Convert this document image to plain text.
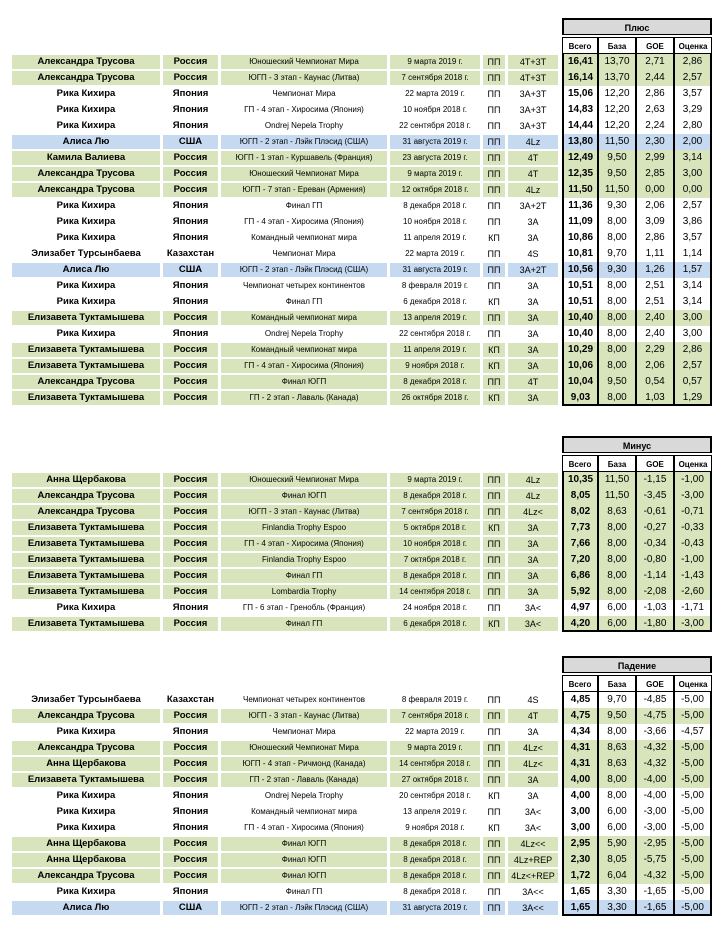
Плюс
Всего	База	GOE	Оценка
Александра Трусова	Россия	Юношеский Чемпионат Мира	9 марта 2019 г.	ПП	4T+3T	16,41	13,70	2,71	2,86
Александра Трусова	Россия	ЮГП - 3 этап - Каунас (Литва)	7 сентября 2018 г.	ПП	4T+3T	16,14	13,70	2,44	2,57
Рика Кихира	Япония	Чемпионат Мира	22 марта 2019 г.	ПП	3A+3T	15,06	12,20	2,86	3,57
Рика Кихира	Япония	ГП - 4 этап - Хиросима (Япония)	10 ноября 2018 г.	ПП	3A+3T	14,83	12,20	2,63	3,29
Рика Кихира	Япония	Ondrej Nepela Trophy	22 сентября 2018 г.	ПП	3A+3T	14,44	12,20	2,24	2,80
Алиса Лю	США	ЮГП - 2 этап - Лэйк Плэсид (США)	31 августа 2019 г.	ПП	4Lz	13,80	11,50	2,30	2,00
Камила Валиева	Россия	ЮГП - 1 этап - Куршавель (Франция)	23 августа 2019 г.	ПП	4T	12,49	9,50	2,99	3,14
Александра Трусова	Россия	Юношеский Чемпионат Мира	9 марта 2019 г.	ПП	4T	12,35	9,50	2,85	3,00
Александра Трусова	Россия	ЮГП - 7 этап - Ереван (Армения)	12 октября 2018 г.	ПП	4Lz	11,50	11,50	0,00	0,00
Рика Кихира	Япония	Финал ГП	8 декабря 2018 г.	ПП	3A+2T	11,36	9,30	2,06	2,57
Рика Кихира	Япония	ГП - 4 этап - Хиросима (Япония)	10 ноября 2018 г.	ПП	3A	11,09	8,00	3,09	3,86
Рика Кихира	Япония	Командный чемпионат мира	11 апреля 2019 г.	КП	3A	10,86	8,00	2,86	3,57
Элизабет Турсынбаева	Казахстан	Чемпионат Мира	22 марта 2019 г.	ПП	4S	10,81	9,70	1,11	1,14
Алиса Лю	США	ЮГП - 2 этап - Лэйк Плэсид (США)	31 августа 2019 г.	ПП	3A+2T	10,56	9,30	1,26	1,57
Рика Кихира	Япония	Чемпионат четырех континентов	8 февраля 2019 г.	ПП	3A	10,51	8,00	2,51	3,14
Рика Кихира	Япония	Финал ГП	6 декабря 2018 г.	КП	3A	10,51	8,00	2,51	3,14
Елизавета Туктамышева	Россия	Командный чемпионат мира	13 апреля 2019 г.	ПП	3A	10,40	8,00	2,40	3,00
Рика Кихира	Япония	Ondrej Nepela Trophy	22 сентября 2018 г.	ПП	3A	10,40	8,00	2,40	3,00
Елизавета Туктамышева	Россия	Командный чемпионат мира	11 апреля 2019 г.	КП	3A	10,29	8,00	2,29	2,86
Елизавета Туктамышева	Россия	ГП - 4 этап - Хиросима (Япония)	9 ноября 2018 г.	КП	3A	10,06	8,00	2,06	2,57
Александра Трусова	Россия	Финал ЮГП	8 декабря 2018 г.	ПП	4T	10,04	9,50	0,54	0,57
Елизавета Туктамышева	Россия	ГП - 2 этап - Лаваль (Канада)	26 октября 2018 г.	КП	3A	9,03	8,00	1,03	1,29
Минус
Всего	База	GOE	Оценка
Анна Щербакова	Россия	Юношеский Чемпионат Мира	9 марта 2019 г.	ПП	4Lz	10,35	11,50	-1,15	-1,00
Александра Трусова	Россия	Финал ЮГП	8 декабря 2018 г.	ПП	4Lz	8,05	11,50	-3,45	-3,00
Александра Трусова	Россия	ЮГП - 3 этап - Каунас (Литва)	7 сентября 2018 г.	ПП	4Lz<	8,02	8,63	-0,61	-0,71
Елизавета Туктамышева	Россия	Finlandia Trophy Espoo	5 октября 2018 г.	КП	3A	7,73	8,00	-0,27	-0,33
Елизавета Туктамышева	Россия	ГП - 4 этап - Хиросима (Япония)	10 ноября 2018 г.	ПП	3A	7,66	8,00	-0,34	-0,43
Елизавета Туктамышева	Россия	Finlandia Trophy Espoo	7 октября 2018 г.	ПП	3A	7,20	8,00	-0,80	-1,00
Елизавета Туктамышева	Россия	Финал ГП	8 декабря 2018 г.	ПП	3A	6,86	8,00	-1,14	-1,43
Елизавета Туктамышева	Россия	Lombardia Trophy	14 сентября 2018 г.	ПП	3A	5,92	8,00	-2,08	-2,60
Рика Кихира	Япония	ГП - 6 этап - Гренобль (Франция)	24 ноября 2018 г.	ПП	3A<	4,97	6,00	-1,03	-1,71
Елизавета Туктамышева	Россия	Финал ГП	6 декабря 2018 г.	КП	3A<	4,20	6,00	-1,80	-3,00
Падение
Всего	База	GOE	Оценка
Элизабет Турсынбаева	Казахстан	Чемпионат четырех континентов	8 февраля 2019 г.	ПП	4S	4,85	9,70	-4,85	-5,00
Александра Трусова	Россия	ЮГП - 3 этап - Каунас (Литва)	7 сентября 2018 г.	ПП	4T	4,75	9,50	-4,75	-5,00
Рика Кихира	Япония	Чемпионат Мира	22 марта 2019 г.	ПП	3A	4,34	8,00	-3,66	-4,57
Александра Трусова	Россия	Юношеский Чемпионат Мира	9 марта 2019 г.	ПП	4Lz<	4,31	8,63	-4,32	-5,00
Анна Щербакова	Россия	ЮГП - 4 этап - Ричмонд (Канада)	14 сентября 2018 г.	ПП	4Lz<	4,31	8,63	-4,32	-5,00
Елизавета Туктамышева	Россия	ГП - 2 этап - Лаваль (Канада)	27 октября 2018 г.	ПП	3A	4,00	8,00	-4,00	-5,00
Рика Кихира	Япония	Ondrej Nepela Trophy	20 сентября 2018 г.	КП	3A	4,00	8,00	-4,00	-5,00
Рика Кихира	Япония	Командный чемпионат мира	13 апреля 2019 г.	ПП	3A<	3,00	6,00	-3,00	-5,00
Рика Кихира	Япония	ГП - 4 этап - Хиросима (Япония)	9 ноября 2018 г.	КП	3A<	3,00	6,00	-3,00	-5,00
Анна Щербакова	Россия	Финал ЮГП	8 декабря 2018 г.	ПП	4Lz<<	2,95	5,90	-2,95	-5,00
Анна Щербакова	Россия	Финал ЮГП	8 декабря 2018 г.	ПП	4Lz+REP	2,30	8,05	-5,75	-5,00
Александра Трусова	Россия	Финал ЮГП	8 декабря 2018 г.	ПП	4Lz<+REP	1,72	6,04	-4,32	-5,00
Рика Кихира	Япония	Финал ГП	8 декабря 2018 г.	ПП	3A<<	1,65	3,30	-1,65	-5,00
Алиса Лю	США	ЮГП - 2 этап - Лэйк Плэсид (США)	31 августа 2019 г.	ПП	3A<<	1,65	3,30	-1,65	-5,00
